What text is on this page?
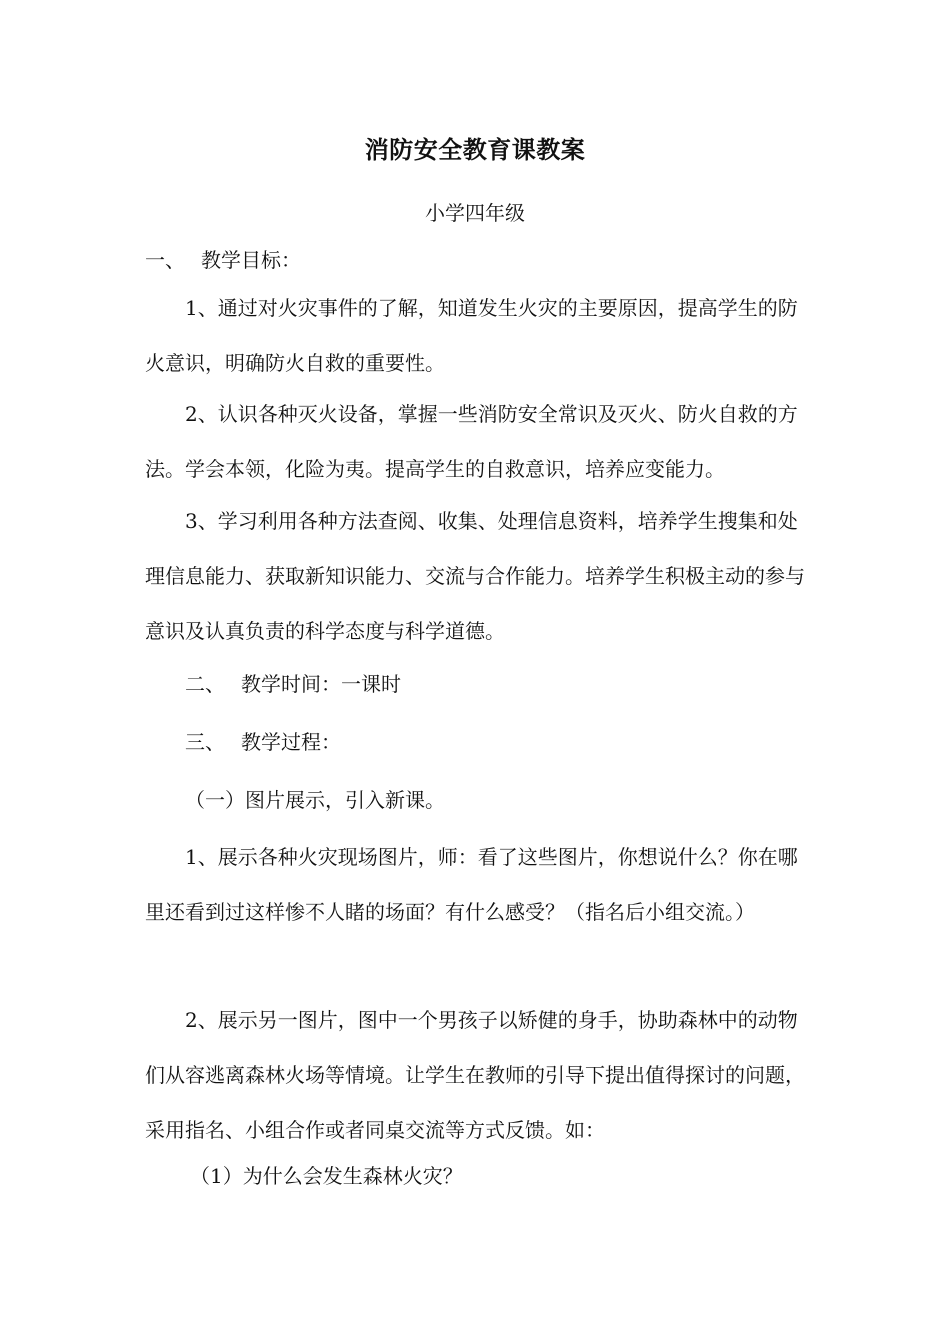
消防安全教育课教案
小学四年级
一、 教学目标：
1、通过对火灾事件的了解，知道发生火灾的主要原因，提高学生的防火意识，明确防火自救的重要性。
2、认识各种灭火设备，掌握一些消防安全常识及灭火、防火自救的方法。学会本领，化险为夷。提高学生的自救意识，培养应变能力。
3、学习利用各种方法查阅、收集、处理信息资料，培养学生搜集和处理信息能力、获取新知识能力、交流与合作能力。培养学生积极主动的参与意识及认真负责的科学态度与科学道德。
二、 教学时间：一课时
三、 教学过程：
（一）图片展示，引入新课。
1、展示各种火灾现场图片，师：看了这些图片，你想说什么？你在哪里还看到过这样惨不人睹的场面？有什么感受？（指名后小组交流。）
2、展示另一图片，图中一个男孩子以矫健的身手，协助森林中的动物们从容逃离森林火场等情境。让学生在教师的引导下提出值得探讨的问题，采用指名、小组合作或者同桌交流等方式反馈。如：
（1）为什么会发生森林火灾？
